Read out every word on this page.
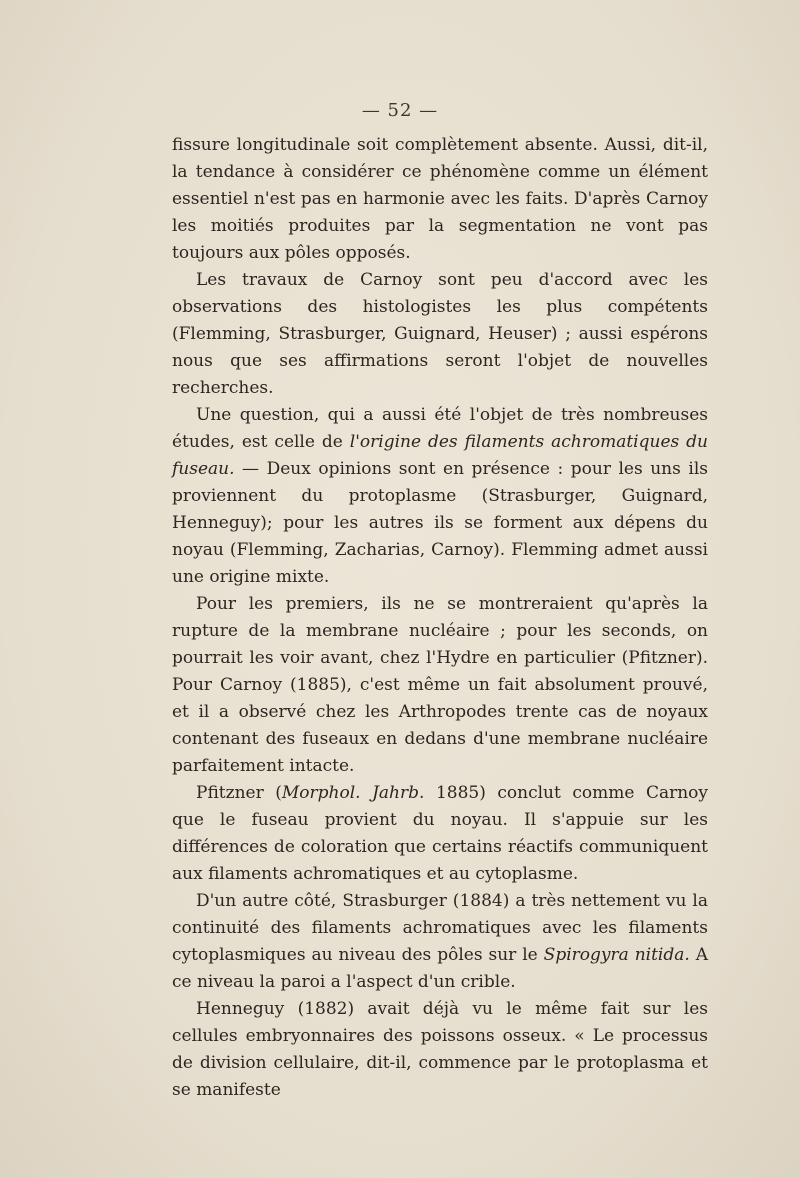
— 52 —

fissure longitudinale soit complètement absente. Aussi, dit-il, la tendance à considérer ce phénomène comme un élément essentiel n'est pas en harmonie avec les faits. D'après Carnoy les moitiés produites par la segmentation ne vont pas toujours aux pôles opposés.

Les travaux de Carnoy sont peu d'accord avec les observations des histologistes les plus compétents (Flemming, Strasburger, Guignard, Heuser) ; aussi espérons nous que ses affirmations seront l'objet de nouvelles recherches.

Une question, qui a aussi été l'objet de très nombreuses études, est celle de l'origine des filaments achromatiques du fuseau. — Deux opinions sont en présence : pour les uns ils proviennent du protoplasme (Strasburger, Guignard, Henneguy); pour les autres ils se forment aux dépens du noyau (Flemming, Zacharias, Carnoy). Flemming admet aussi une origine mixte.

Pour les premiers, ils ne se montreraient qu'après la rupture de la membrane nucléaire ; pour les seconds, on pourrait les voir avant, chez l'Hydre en particulier (Pfitzner). Pour Carnoy (1885), c'est même un fait absolument prouvé, et il a observé chez les Arthropodes trente cas de noyaux contenant des fuseaux en dedans d'une membrane nucléaire parfaitement intacte.

Pfitzner (Morphol. Jahrb. 1885) conclut comme Carnoy que le fuseau provient du noyau. Il s'appuie sur les différences de coloration que certains réactifs communiquent aux filaments achromatiques et au cytoplasme.

D'un autre côté, Strasburger (1884) a très nettement vu la continuité des filaments achromatiques avec les filaments cytoplasmiques au niveau des pôles sur le Spirogyra nitida. A ce niveau la paroi a l'aspect d'un crible.

Henneguy (1882) avait déjà vu le même fait sur les cellules embryonnaires des poissons osseux. « Le processus de division cellulaire, dit-il, commence par le protoplasma et se manifeste
